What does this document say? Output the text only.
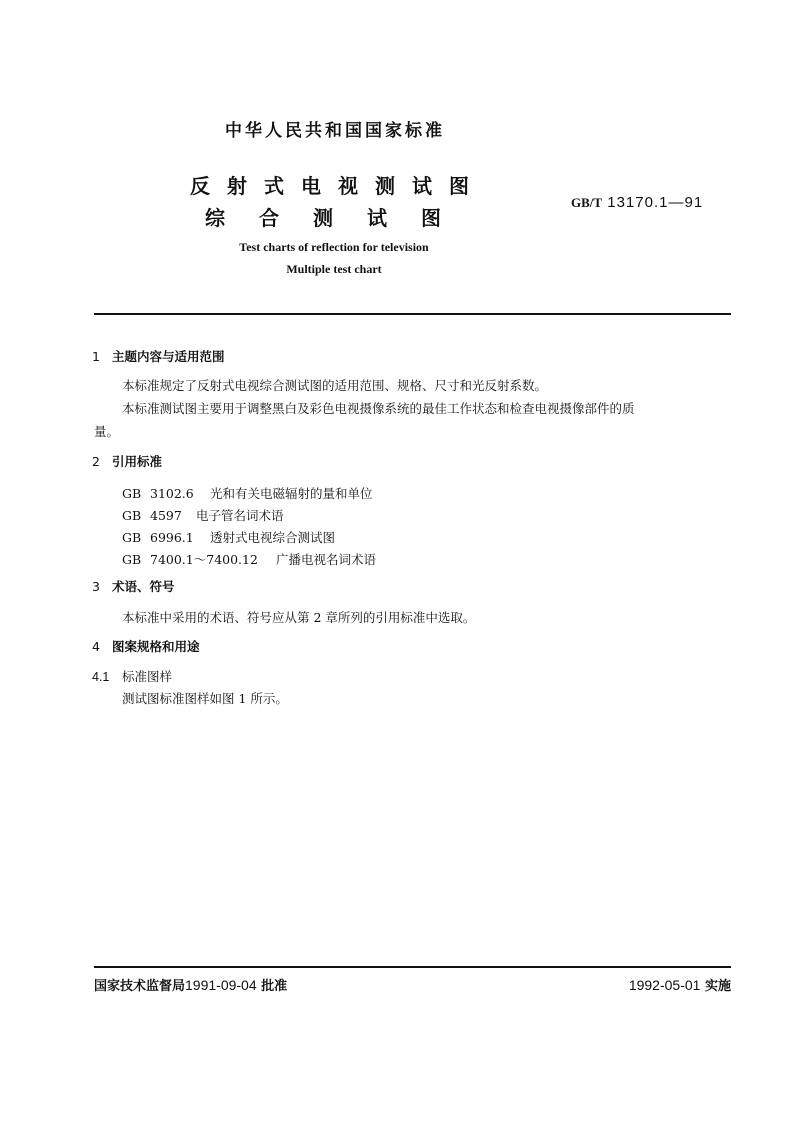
中华人民共和国国家标准
反射式电视测试图
综合测试图
GB/T 13170.1—91
Test charts of reflection for television
Multiple test chart
1 主题内容与适用范围
本标准规定了反射式电视综合测试图的适用范围、规格、尺寸和光反射系数。
本标准测试图主要用于调整黑白及彩色电视摄像系统的最佳工作状态和检查电视摄像部件的质
量。
2 引用标准
GB 3102.6 光和有关电磁辐射的量和单位
GB 4597 电子管名词术语
GB 6996.1 透射式电视综合测试图
GB 7400.1～7400.12 广播电视名词术语
3 术语、符号
本标准中采用的术语、符号应从第 2 章所列的引用标准中选取。
4 图案规格和用途
4.1 标准图样
测试图标准图样如图 1 所示。
国家技术监督局1991-09-04 批准	1992-05-01 实施
